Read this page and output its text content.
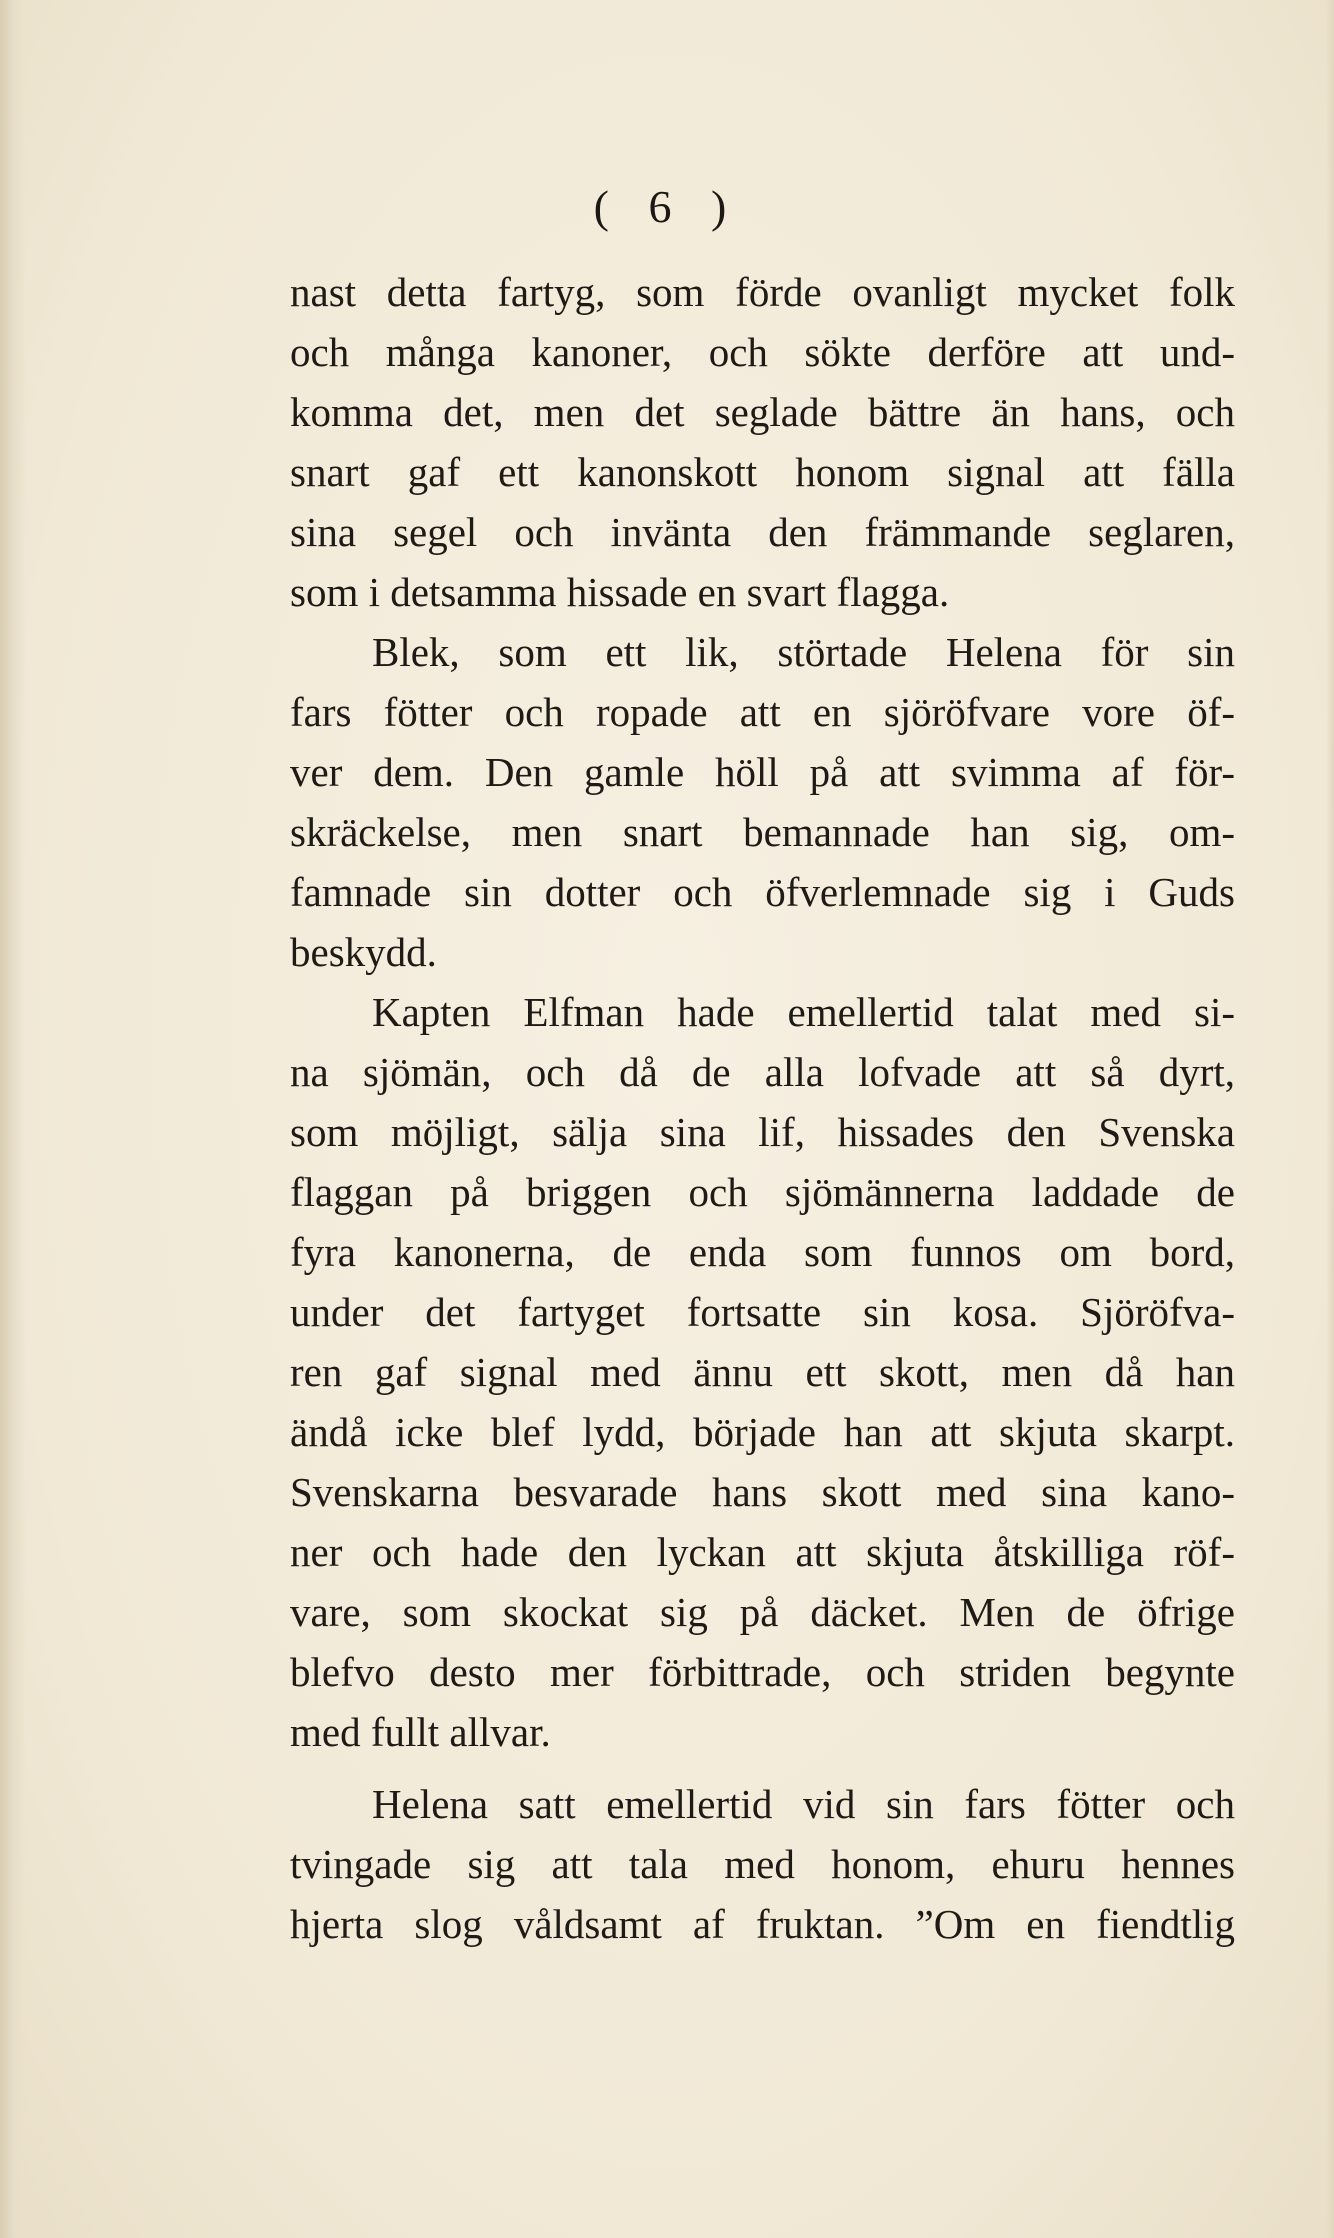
( 6 )
nast detta fartyg, som förde ovanligt mycket folk
och många kanoner, och sökte derföre att und-
komma det, men det seglade bättre än hans, och
snart gaf ett kanonskott honom signal att fälla
sina segel och invänta den främmande seglaren,
som i detsamma hissade en svart flagga.
Blek, som ett lik, störtade Helena för sin
fars fötter och ropade att en sjöröfvare vore öf-
ver dem. Den gamle höll på att svimma af för-
skräckelse, men snart bemannade han sig, om-
famnade sin dotter och öfverlemnade sig i Guds
beskydd.
Kapten Elfman hade emellertid talat med si-
na sjömän, och då de alla lofvade att så dyrt,
som möjligt, sälja sina lif, hissades den Svenska
flaggan på briggen och sjömännerna laddade de
fyra kanonerna, de enda som funnos om bord,
under det fartyget fortsatte sin kosa. Sjöröfva-
ren gaf signal med ännu ett skott, men då han
ändå icke blef lydd, började han att skjuta skarpt.
Svenskarna besvarade hans skott med sina kano-
ner och hade den lyckan att skjuta åtskilliga röf-
vare, som skockat sig på däcket. Men de öfrige
blefvo desto mer förbittrade, och striden begynte
med fullt allvar.
Helena satt emellertid vid sin fars fötter och
tvingade sig att tala med honom, ehuru hennes
hjerta slog våldsamt af fruktan. ”Om en fiendtlig
